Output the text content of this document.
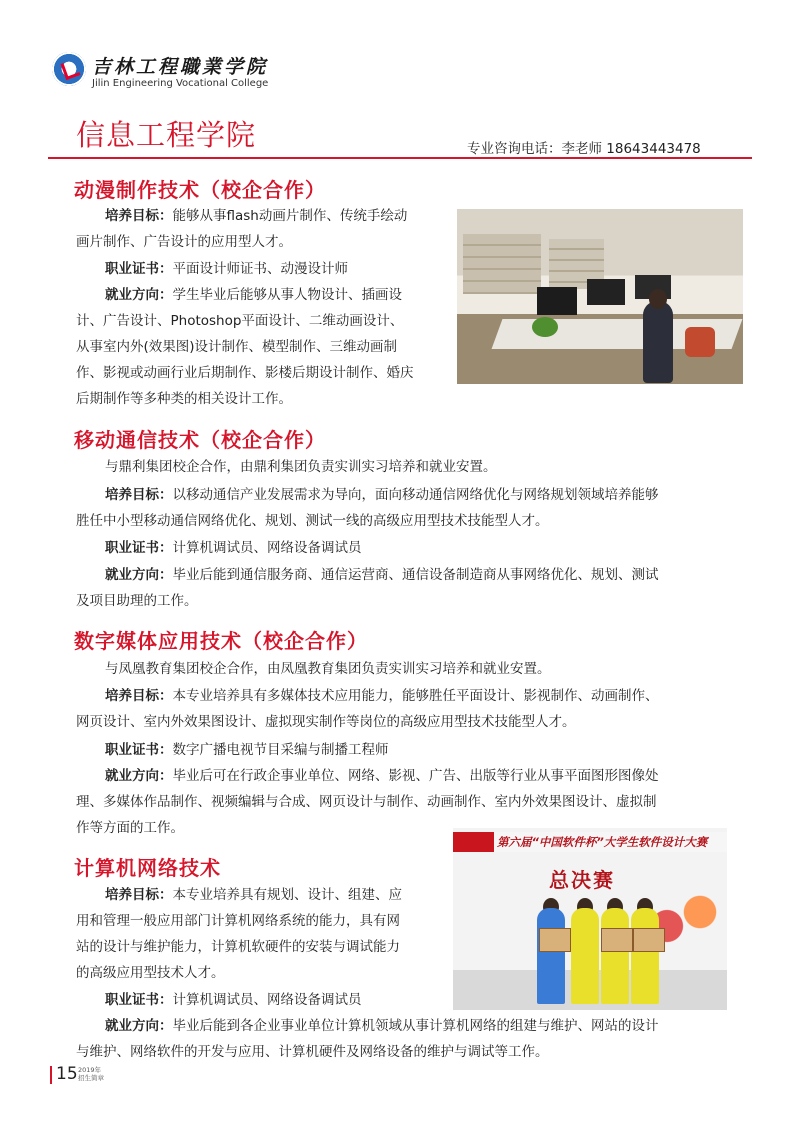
吉林工程職業学院
Jilin Engineering Vocational College
信息工程学院	专业咨询电话：李老师 18643443478
动漫制作技术（校企合作）
移动通信技术（校企合作）
数字媒体应用技术（校企合作）
计算机网络技术
培养目标：能够从事flash动画片制作、传统手绘动
画片制作、广告设计的应用型人才。
职业证书：平面设计师证书、动漫设计师
就业方向：学生毕业后能够从事人物设计、插画设
计、广告设计、Photoshop平面设计、二维动画设计、
从事室内外(效果图)设计制作、模型制作、三维动画制
作、影视或动画行业后期制作、影楼后期设计制作、婚庆
后期制作等多种类的相关设计工作。
与鼎利集团校企合作，由鼎利集团负责实训实习培养和就业安置。
培养目标：以移动通信产业发展需求为导向，面向移动通信网络优化与网络规划领域培养能够
胜任中小型移动通信网络优化、规划、测试一线的高级应用型技术技能型人才。
职业证书：计算机调试员、网络设备调试员
就业方向：毕业后能到通信服务商、通信运营商、通信设备制造商从事网络优化、规划、测试
及项目助理的工作。
与凤凰教育集团校企合作，由凤凰教育集团负责实训实习培养和就业安置。
培养目标：本专业培养具有多媒体技术应用能力，能够胜任平面设计、影视制作、动画制作、
网页设计、室内外效果图设计、虚拟现实制作等岗位的高级应用型技术技能型人才。
职业证书：数字广播电视节目采编与制播工程师
就业方向：毕业后可在行政企事业单位、网络、影视、广告、出版等行业从事平面图形图像处
理、多媒体作品制作、视频编辑与合成、网页设计与制作、动画制作、室内外效果图设计、虚拟制
作等方面的工作。
第六届“中国软件杯”大学生软件设计大赛
总决赛
培养目标：本专业培养具有规划、设计、组建、应
用和管理一般应用部门计算机网络系统的能力，具有网
站的设计与维护能力，计算机软硬件的安装与调试能力
的高级应用型技术人才。
职业证书：计算机调试员、网络设备调试员
就业方向：毕业后能到各企业事业单位计算机领域从事计算机网络的组建与维护、网站的设计
与维护、网络软件的开发与应用、计算机硬件及网络设备的维护与调试等工作。
15 2019年
招生简章
